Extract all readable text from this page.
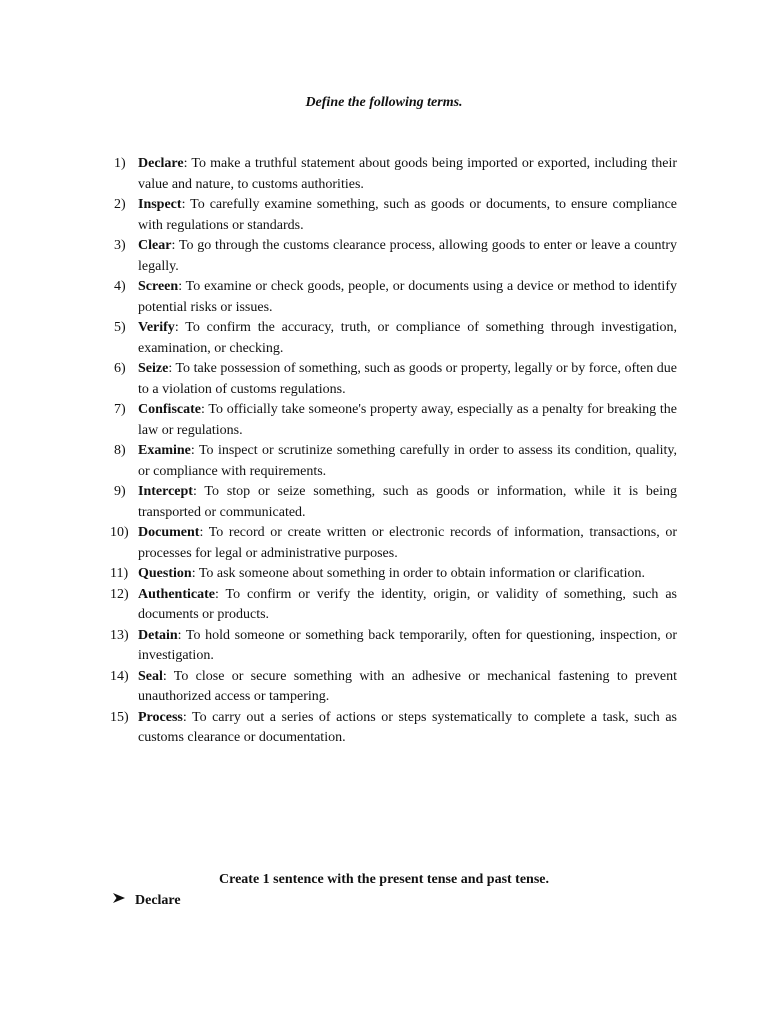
Define the following terms.
1) Declare: To make a truthful statement about goods being imported or exported, including their value and nature, to customs authorities.
2) Inspect: To carefully examine something, such as goods or documents, to ensure compliance with regulations or standards.
3) Clear: To go through the customs clearance process, allowing goods to enter or leave a country legally.
4) Screen: To examine or check goods, people, or documents using a device or method to identify potential risks or issues.
5) Verify: To confirm the accuracy, truth, or compliance of something through investigation, examination, or checking.
6) Seize: To take possession of something, such as goods or property, legally or by force, often due to a violation of customs regulations.
7) Confiscate: To officially take someone's property away, especially as a penalty for breaking the law or regulations.
8) Examine: To inspect or scrutinize something carefully in order to assess its condition, quality, or compliance with requirements.
9) Intercept: To stop or seize something, such as goods or information, while it is being transported or communicated.
10) Document: To record or create written or electronic records of information, transactions, or processes for legal or administrative purposes.
11) Question: To ask someone about something in order to obtain information or clarification.
12) Authenticate: To confirm or verify the identity, origin, or validity of something, such as documents or products.
13) Detain: To hold someone or something back temporarily, often for questioning, inspection, or investigation.
14) Seal: To close or secure something with an adhesive or mechanical fastening to prevent unauthorized access or tampering.
15) Process: To carry out a series of actions or steps systematically to complete a task, such as customs clearance or documentation.
Create 1 sentence with the present tense and past tense.
Declare
